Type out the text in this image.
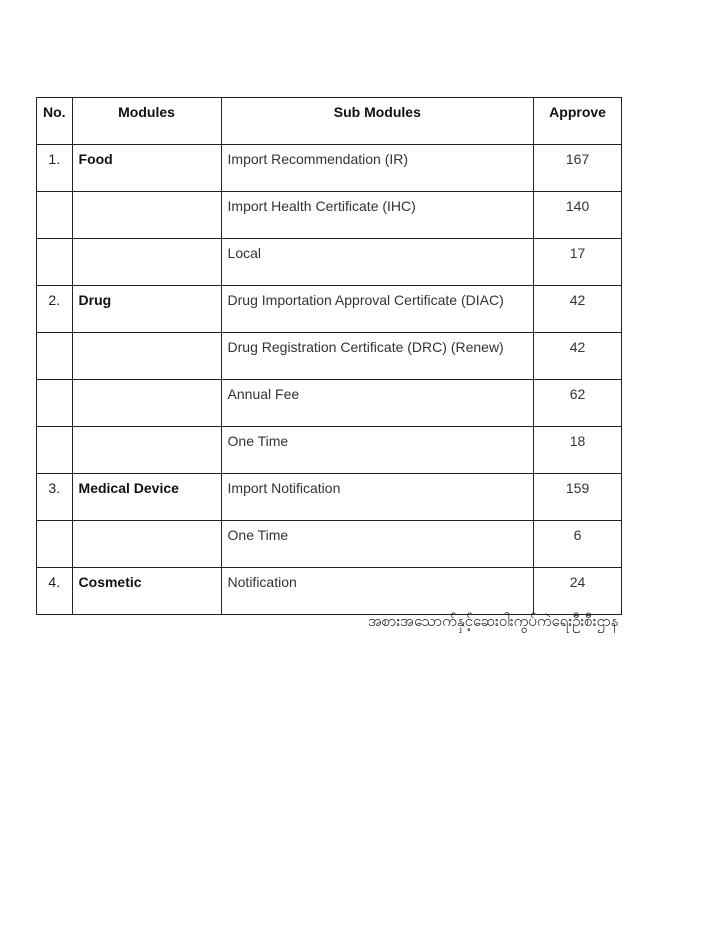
No.	Modules	Sub Modules	Approve
1.	Food	Import Recommendation (IR)	167
		Import Health Certificate (IHC)	140
		Local	17
2.	Drug	Drug Importation Approval Certificate (DIAC)	42
		Drug Registration Certificate (DRC) (Renew)	42
		Annual Fee	62
		One Time	18
3.	Medical Device	Import Notification	159
		One Time	6
4.	Cosmetic	Notification	24
အစားအသောက်နှင့်ဆေးဝါးကွပ်ကဲရေးဦးစီးဌာန
